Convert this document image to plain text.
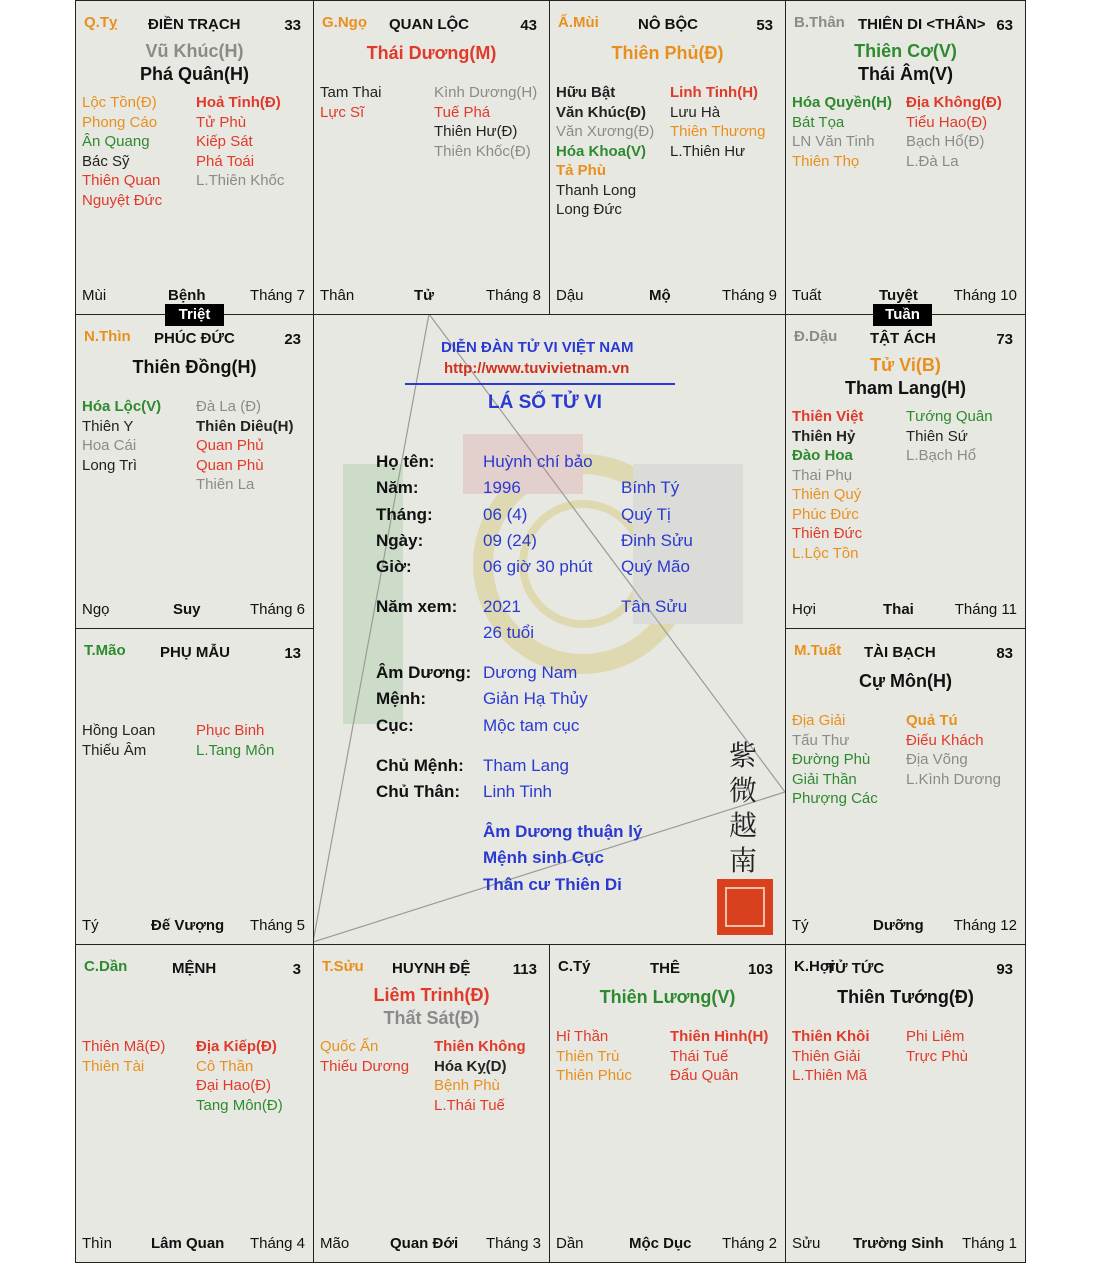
DIỄN ĐÀN TỬ VI VIỆT NAM
http://www.tuvivietnam.vn
LÁ SỐ TỬ VI
Họ tên:	Huỳnh chí bảo
Năm:	1996	Bính Tý
Tháng:	06 (4)	Quý Tị
Ngày:	09 (24)	Đinh Sửu
Giờ:	06 giờ 30 phút Quý Mão
Năm xem: 2021	Tân Sửu
26 tuổi
Âm Dương: Dương Nam
Mệnh:	Giản Hạ Thủy
Cục:	Mộc tam cục
Chủ Mệnh: Tham Lang
Chủ Thân: Linh Tinh
Âm Dương thuận lý
Mệnh sinh Cục
Thân cư Thiên Di
紫
微
越
南
Q.Tỵ ĐIỀN TRẠCH	33
Vũ Khúc(H)
Phá Quân(H)
Lộc Tồn(Đ)
Phong Cáo
Ân Quang
Bác Sỹ
Thiên Quan
Nguyệt Đức
Hoả Tinh(Đ)
Tử Phù
Kiếp Sát
Phá Toái
L.Thiên Khốc
Mùi	Bệnh	Tháng 7
G.Ngọ QUAN LỘC	43
Thái Dương(M)
Tam Thai
Lực Sĩ
Kình Dương(H)
Tuế Phá
Thiên Hư(Đ)
Thiên Khốc(Đ)
Thân	Tử	Tháng 8
Ấ.Mùi	NÔ BỘC	53
Thiên Phủ(Đ)
Hữu Bật
Văn Khúc(Đ)
Văn Xương(Đ)
Hóa Khoa(V)
Tả Phù
Thanh Long
Long Đức
Linh Tinh(H)
Lưu Hà
Thiên Thương
L.Thiên Hư
Dậu	Mộ	Tháng 9
B.Thân THIÊN DI <THÂN> 63
Thiên Cơ(V)
Thái Âm(V)
Hóa Quyền(H)
Bát Tọa
LN Văn Tinh
Thiên Thọ
Địa Không(Đ)
Tiểu Hao(Đ)
Bạch Hổ(Đ)
L.Đà La
Tuất	Tuyệt Tháng 10
N.Thìn PHÚC ĐỨC	23
Thiên Đồng(H)
Hóa Lộc(V)
Thiên Y
Hoa Cái
Long Trì
Đà La (Đ)
Thiên Diêu(H)
Quan Phủ
Quan Phù
Thiên La
Ngọ	Suy	Tháng 6
Đ.Dậu TẬT ÁCH	73
Tử Vi(B)
Tham Lang(H)
Thiên Việt
Thiên Hỷ
Đào Hoa
Thai Phụ
Thiên Quý
Phúc Đức
Thiên Đức
L.Lộc Tồn
Tướng Quân
Thiên Sứ
L.Bạch Hổ
Hợi	Thai	Tháng 11
T.Mão PHỤ MẪU	13
Hồng Loan
Thiếu Âm
Phục Binh
L.Tang Môn
Tý	Đế Vượng Tháng 5
M.Tuất TÀI BẠCH	83
Cự Môn(H)
Địa Giải
Tấu Thư
Đường Phù
Giải Thần
Phượng Các
Quả Tú
Điếu Khách
Địa Võng
L.Kình Dương
Tý	Dưỡng Tháng 12
C.Dần	MỆNH	3
Thiên Mã(Đ)
Thiên Tài
Địa Kiếp(Đ)
Cô Thần
Đại Hao(Đ)
Tang Môn(Đ)
Thìn	Lâm Quan Tháng 4
T.Sửu HUYNH ĐỆ	113
Liêm Trinh(Đ)
Thất Sát(Đ)
Quốc Ấn
Thiếu Dương
Thiên Không
Hóa Kỵ(D)
Bệnh Phù
L.Thái Tuế
Mão	Quan Đới Tháng 3
C.Tý	THÊ	103
Thiên Lương(V)
Hỉ Thần
Thiên Trù
Thiên Phúc
Thiên Hình(H)
Thái Tuế
Đẩu Quân
Dần	Mộc Dục Tháng 2
K.Hợi
TỬ TỨC	93
Thiên Tướng(Đ)
Thiên Khôi
Thiên Giải
L.Thiên Mã
Phi Liêm
Trực Phù
Sửu Trường Sinh Tháng 1
Triệt	Tuần
